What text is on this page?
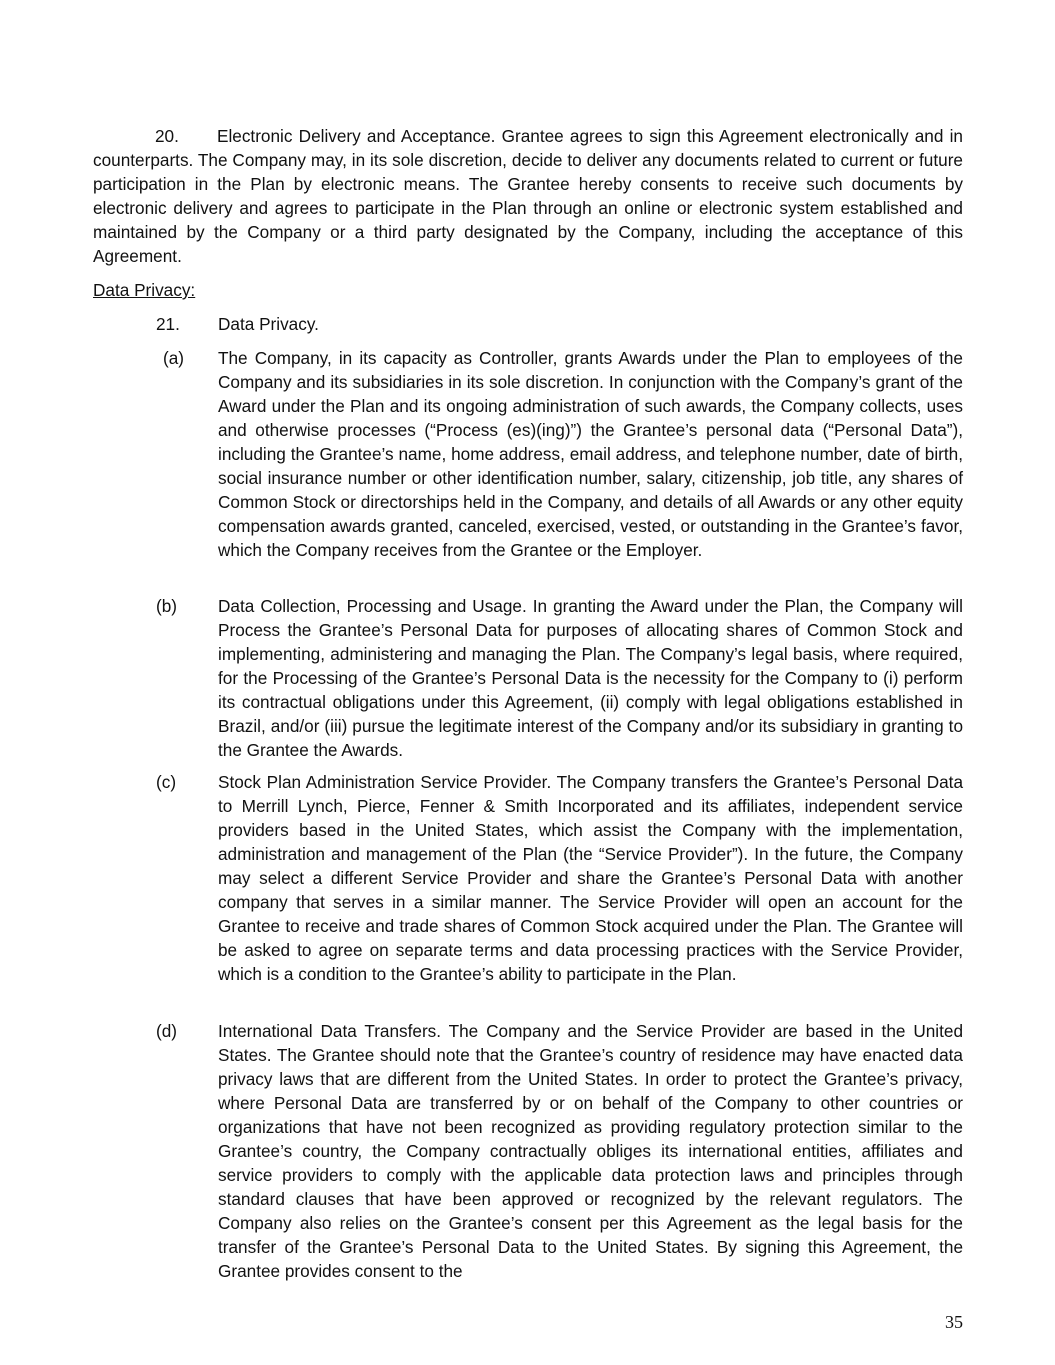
20. Electronic Delivery and Acceptance. Grantee agrees to sign this Agreement electronically and in counterparts. The Company may, in its sole discretion, decide to deliver any documents related to current or future participation in the Plan by electronic means. The Grantee hereby consents to receive such documents by electronic delivery and agrees to participate in the Plan through an online or electronic system established and maintained by the Company or a third party designated by the Company, including the acceptance of this Agreement.
Data Privacy:
21. Data Privacy.
(a)	The Company, in its capacity as Controller, grants Awards under the Plan to employees of the Company and its subsidiaries in its sole discretion. In conjunction with the Company’s grant of the Award under the Plan and its ongoing administration of such awards, the Company collects, uses and otherwise processes (“Process (es)(ing)”) the Grantee’s personal data (“Personal Data”), including the Grantee’s name, home address, email address, and telephone number, date of birth, social insurance number or other identification number, salary, citizenship, job title, any shares of Common Stock or directorships held in the Company, and details of all Awards or any other equity compensation awards granted, canceled, exercised, vested, or outstanding in the Grantee’s favor, which the Company receives from the Grantee or the Employer.
(b)	Data Collection, Processing and Usage. In granting the Award under the Plan, the Company will Process the Grantee’s Personal Data for purposes of allocating shares of Common Stock and implementing, administering and managing the Plan. The Company’s legal basis, where required, for the Processing of the Grantee’s Personal Data is the necessity for the Company to (i) perform its contractual obligations under this Agreement, (ii) comply with legal obligations established in Brazil, and/or (iii) pursue the legitimate interest of the Company and/or its subsidiary in granting to the Grantee the Awards.
(c)	Stock Plan Administration Service Provider. The Company transfers the Grantee’s Personal Data to Merrill Lynch, Pierce, Fenner & Smith Incorporated and its affiliates, independent service providers based in the United States, which assist the Company with the implementation, administration and management of the Plan (the “Service Provider”). In the future, the Company may select a different Service Provider and share the Grantee’s Personal Data with another company that serves in a similar manner. The Service Provider will open an account for the Grantee to receive and trade shares of Common Stock acquired under the Plan. The Grantee will be asked to agree on separate terms and data processing practices with the Service Provider, which is a condition to the Grantee’s ability to participate in the Plan.
(d)	International Data Transfers. The Company and the Service Provider are based in the United States. The Grantee should note that the Grantee’s country of residence may have enacted data privacy laws that are different from the United States. In order to protect the Grantee’s privacy, where Personal Data are transferred by or on behalf of the Company to other countries or organizations that have not been recognized as providing regulatory protection similar to the Grantee’s country, the Company contractually obliges its international entities, affiliates and service providers to comply with the applicable data protection laws and principles through standard clauses that have been approved or recognized by the relevant regulators. The Company also relies on the Grantee’s consent per this Agreement as the legal basis for the transfer of the Grantee’s Personal Data to the United States. By signing this Agreement, the Grantee provides consent to the
35
